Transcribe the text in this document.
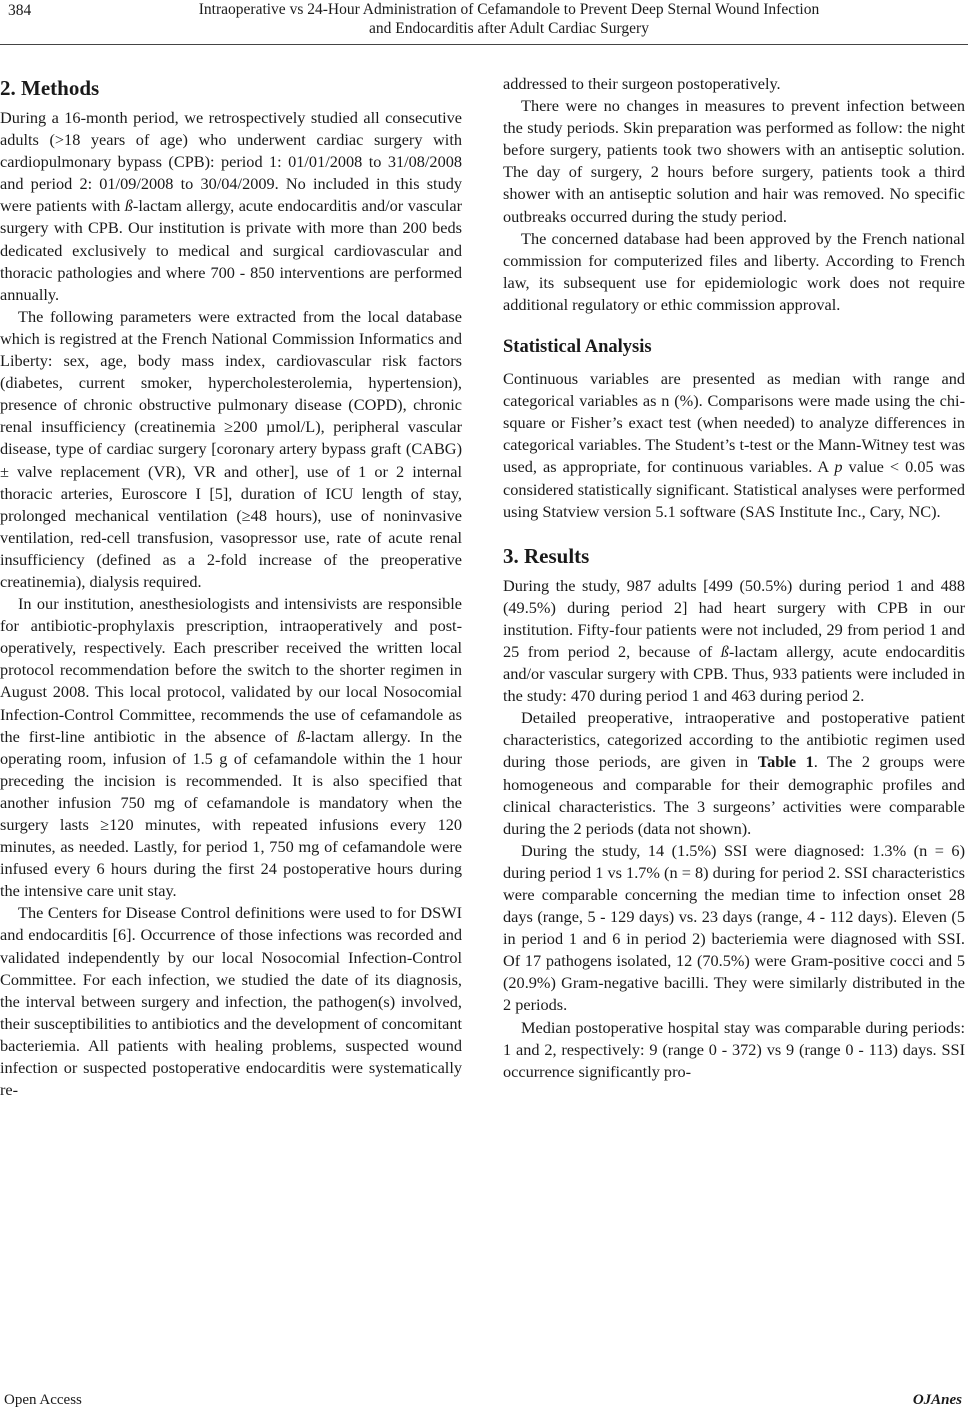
384	Intraoperative vs 24-Hour Administration of Cefamandole to Prevent Deep Sternal Wound Infection
and Endocarditis after Adult Cardiac Surgery
2. Methods

During a 16-month period, we retrospectively studied all consecutive adults (>18 years of age) who underwent cardiac surgery with cardiopulmonary bypass (CPB): period 1: 01/01/2008 to 31/08/2008 and period 2: 01/09/2008 to 30/04/2009. No included in this study were patients with ß-lactam allergy, acute endocarditis and/or vascular surgery with CPB. Our institution is private with more than 200 beds dedicated exclusively to medical and surgical cardiovascular and thoracic pathologies and where 700 - 850 interventions are performed annually.

The following parameters were extracted from the local database which is registred at the French National Commission Informatics and Liberty: sex, age, body mass index, cardiovascular risk factors (diabetes, current smoker, hypercholesterolemia, hypertension), presence of chronic obstructive pulmonary disease (COPD), chronic renal insufficiency (creatinemia ≥200 µmol/L), peripheral vascular disease, type of cardiac surgery [coronary artery bypass graft (CABG) ± valve replacement (VR), VR and other], use of 1 or 2 internal thoracic arteries, Euroscore I [5], duration of ICU length of stay, prolonged mechanical ventilation (≥48 hours), use of noninvasive ventilation, red-cell transfusion, vasopressor use, rate of acute renal insufficiency (defined as a 2-fold increase of the preoperative creatinemia), dialysis required.

In our institution, anesthesiologists and intensivists are responsible for antibiotic-prophylaxis prescription, intraoperatively and post-operatively, respectively. Each prescriber received the written local protocol recommendation before the switch to the shorter regimen in August 2008. This local protocol, validated by our local Nosocomial Infection-Control Committee, recommends the use of cefamandole as the first-line antibiotic in the absence of ß-lactam allergy. In the operating room, infusion of 1.5 g of cefamandole within the 1 hour preceding the incision is recommended. It is also specified that another infusion 750 mg of cefamandole is mandatory when the surgery lasts ≥120 minutes, with repeated infusions every 120 minutes, as needed. Lastly, for period 1, 750 mg of cefamandole were infused every 6 hours during the first 24 postoperative hours during the intensive care unit stay.

The Centers for Disease Control definitions were used to for DSWI and endocarditis [6]. Occurrence of those infections was recorded and validated independently by our local Nosocomial Infection-Control Committee. For each infection, we studied the date of its diagnosis, the interval between surgery and infection, the pathogen(s) involved, their susceptibilities to antibiotics and the development of concomitant bacteriemia. All patients with healing problems, suspected wound infection or suspected postoperative endocarditis were systematically re-

addressed to their surgeon postoperatively.

There were no changes in measures to prevent infection between the study periods. Skin preparation was performed as follow: the night before surgery, patients took two showers with an antiseptic solution. The day of surgery, 2 hours before surgery, patients took a third shower with an antiseptic solution and hair was removed. No specific outbreaks occurred during the study period.

The concerned database had been approved by the French national commission for computerized files and liberty. According to French law, its subsequent use for epidemiologic work does not require additional regulatory or ethic commission approval.

Statistical Analysis

Continuous variables are presented as median with range and categorical variables as n (%). Comparisons were made using the chi-square or Fisher’s exact test (when needed) to analyze differences in categorical variables. The Student’s t-test or the Mann-Witney test was used, as appropriate, for continuous variables. A p value < 0.05 was considered statistically significant. Statistical analyses were performed using Statview version 5.1 software (SAS Institute Inc., Cary, NC).

3. Results

During the study, 987 adults [499 (50.5%) during period 1 and 488 (49.5%) during period 2] had heart surgery with CPB in our institution. Fifty-four patients were not included, 29 from period 1 and 25 from period 2, because of ß-lactam allergy, acute endocarditis and/or vascular surgery with CPB. Thus, 933 patients were included in the study: 470 during period 1 and 463 during period 2.

Detailed preoperative, intraoperative and postoperative patient characteristics, categorized according to the antibiotic regimen used during those periods, are given in Table 1. The 2 groups were homogeneous and comparable for their demographic profiles and clinical characteristics. The 3 surgeons’ activities were comparable during the 2 periods (data not shown).

During the study, 14 (1.5%) SSI were diagnosed: 1.3% (n = 6) during period 1 vs 1.7% (n = 8) during for period 2. SSI characteristics were comparable concerning the median time to infection onset 28 days (range, 5 - 129 days) vs. 23 days (range, 4 - 112 days). Eleven (5 in period 1 and 6 in period 2) bacteriemia were diagnosed with SSI. Of 17 pathogens isolated, 12 (70.5%) were Gram-positive cocci and 5 (20.9%) Gram-negative bacilli. They were similarly distributed in the 2 periods.

Median postoperative hospital stay was comparable during periods: 1 and 2, respectively: 9 (range 0 - 372) vs 9 (range 0 - 113) days. SSI occurrence significantly pro-

Open Access	OJAnes
